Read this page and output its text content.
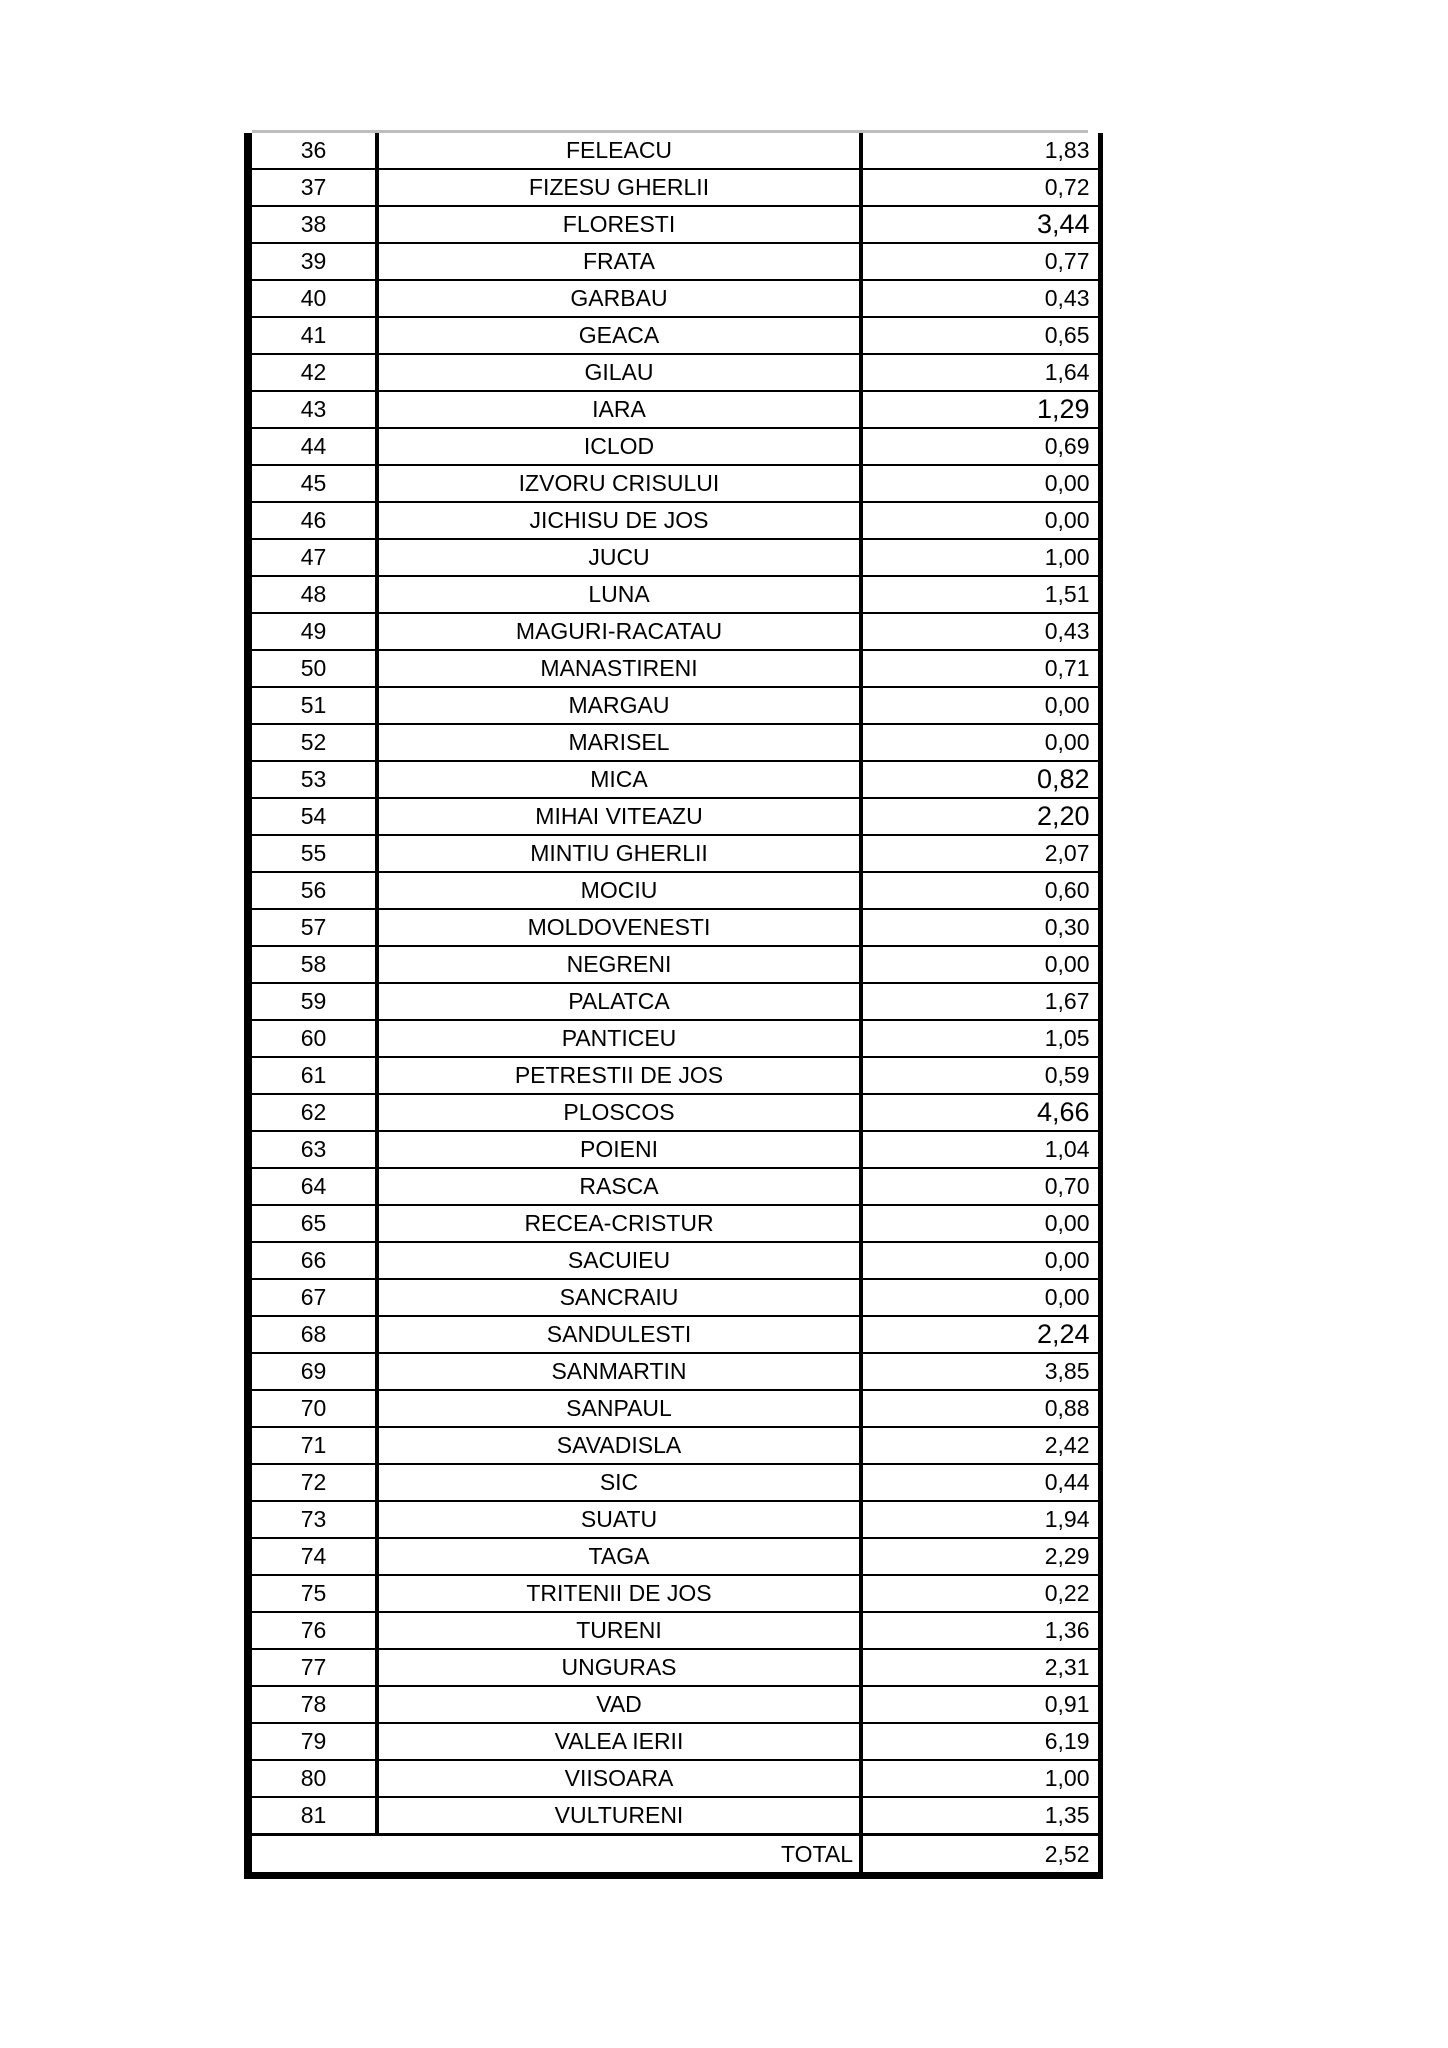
36	FELEACU	1,83
37	FIZESU GHERLII	0,72
38	FLORESTI	3,44
39	FRATA	0,77
40	GARBAU	0,43
41	GEACA	0,65
42	GILAU	1,64
43	IARA	1,29
44	ICLOD	0,69
45	IZVORU CRISULUI	0,00
46	JICHISU DE JOS	0,00
47	JUCU	1,00
48	LUNA	1,51
49	MAGURI-RACATAU	0,43
50	MANASTIRENI	0,71
51	MARGAU	0,00
52	MARISEL	0,00
53	MICA	0,82
54	MIHAI VITEAZU	2,20
55	MINTIU GHERLII	2,07
56	MOCIU	0,60
57	MOLDOVENESTI	0,30
58	NEGRENI	0,00
59	PALATCA	1,67
60	PANTICEU	1,05
61	PETRESTII DE JOS	0,59
62	PLOSCOS	4,66
63	POIENI	1,04
64	RASCA	0,70
65	RECEA-CRISTUR	0,00
66	SACUIEU	0,00
67	SANCRAIU	0,00
68	SANDULESTI	2,24
69	SANMARTIN	3,85
70	SANPAUL	0,88
71	SAVADISLA	2,42
72	SIC	0,44
73	SUATU	1,94
74	TAGA	2,29
75	TRITENII DE JOS	0,22
76	TURENI	1,36
77	UNGURAS	2,31
78	VAD	0,91
79	VALEA IERII	6,19
80	VIISOARA	1,00
81	VULTURENI	1,35
TOTAL		2,52
